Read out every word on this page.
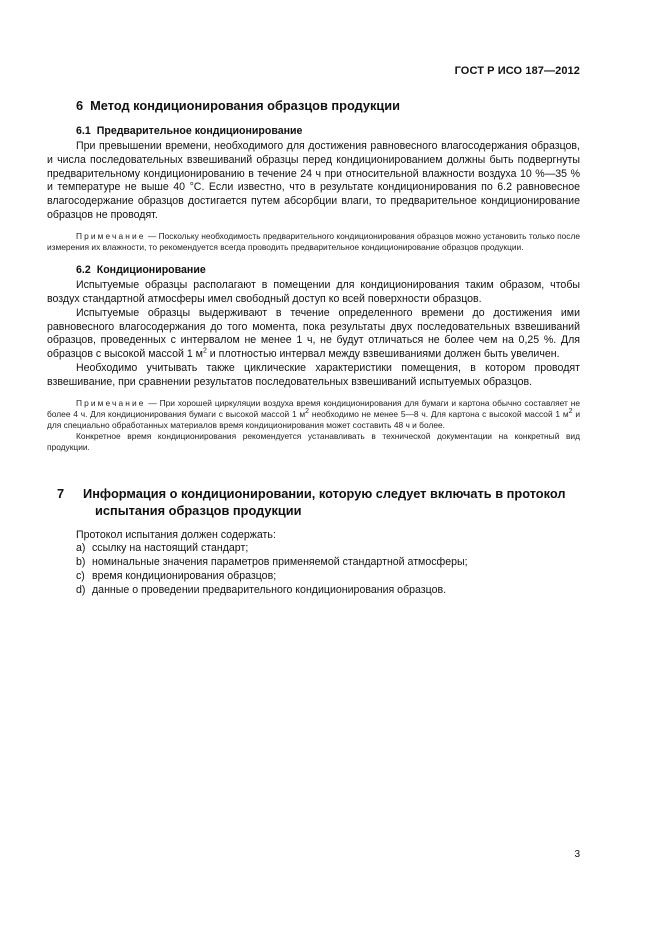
ГОСТ Р ИСО 187—2012
6 Метод кондиционирования образцов продукции
6.1 Предварительное кондиционирование

При превышении времени, необходимого для достижения равновесного влагосодержания образцов, и числа последовательных взвешиваний образцы перед кондиционированием должны быть подвергнуты предварительному кондиционированию в течение 24 ч при относительной влажности воздуха 10 %—35 % и температуре не выше 40 °С. Если известно, что в результате кондиционирования по 6.2 равновесное влагосодержание образцов достигается путем абсорбции влаги, то предварительное кондиционирование образцов не проводят.

Примечание — Поскольку необходимость предварительного кондиционирования образцов можно установить только после измерения их влажности, то рекомендуется всегда проводить предварительное кондиционирование образцов продукции.

6.2 Кондиционирование

Испытуемые образцы располагают в помещении для кондиционирования таким образом, чтобы воздух стандартной атмосферы имел свободный доступ ко всей поверхности образцов.

Испытуемые образцы выдерживают в течение определенного времени до достижения ими равновесного влагосодержания до того момента, пока результаты двух последовательных взвешиваний образцов, проведенных с интервалом не менее 1 ч, не будут отличаться не более чем на 0,25 %. Для образцов с высокой массой 1 $м^2$ и плотностью интервал между взвешиваниями должен быть увеличен.

Необходимо учитывать также циклические характеристики помещения, в котором проводят взвешивание, при сравнении результатов последовательных взвешиваний испытуемых образцов.

Примечание — При хорошей циркуляции воздуха время кондиционирования для бумаги и картона обычно составляет не более 4 ч. Для кондиционирования бумаги с высокой массой 1 $м^2$ необходимо не менее 5—8 ч. Для картона с высокой массой 1 $м^2$ и для специально обработанных материалов время кондиционирования может составить 48 ч и более.

Конкретное время кондиционирования рекомендуется устанавливать в технической документации на конкретный вид продукции.

7 Информация о кондиционировании, которую следует включать в протокол испытания образцов продукции

Протокол испытания должен содержать:

a) ссылку на настоящий стандарт;
b) номинальные значения параметров применяемой стандартной атмосферы;
c) время кондиционирования образцов;
d) данные о проведении предварительного кондиционирования образцов.
3
